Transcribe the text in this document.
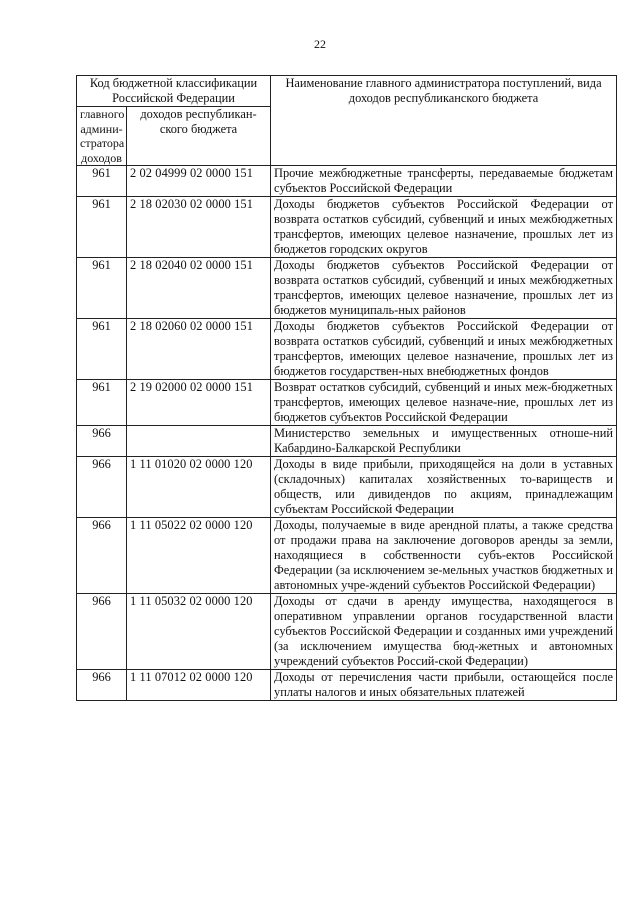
22
Код бюджетной классификации Российской Федерации		Наименование главного администратора поступлений, вида доходов республиканского бюджета
главного админи-стратора доходов	доходов республикан-ского бюджета	
961	2 02 04999 02 0000 151	Прочие межбюджетные трансферты, передаваемые бюджетам субъектов Российской Федерации
961	2 18 02030 02 0000 151	Доходы бюджетов субъектов Российской Федерации от возврата остатков субсидий, субвенций и иных межбюджетных трансфертов, имеющих целевое назначение, прошлых лет из бюджетов городских округов
961	2 18 02040 02 0000 151	Доходы бюджетов субъектов Российской Федерации от возврата остатков субсидий, субвенций и иных межбюджетных трансфертов, имеющих целевое назначение, прошлых лет из бюджетов муниципаль-ных районов
961	2 18 02060 02 0000 151	Доходы бюджетов субъектов Российской Федерации от возврата остатков субсидий, субвенций и иных межбюджетных трансфертов, имеющих целевое назначение, прошлых лет из бюджетов государствен-ных внебюджетных фондов
961	2 19 02000 02 0000 151	Возврат остатков субсидий, субвенций и иных меж-бюджетных трансфертов, имеющих целевое назначе-ние, прошлых лет из бюджетов субъектов Российской Федерации
966		Министерство земельных и имущественных отноше-ний Кабардино-Балкарской Республики
966	1 11 01020 02 0000 120	Доходы в виде прибыли, приходящейся на доли в уставных (складочных) капиталах хозяйственных то-вариществ и обществ, или дивидендов по акциям, принадлежащим субъектам Российской Федерации
966	1 11 05022 02 0000 120	Доходы, получаемые в виде арендной платы, а также средства от продажи права на заключение договоров аренды за земли, находящиеся в собственности субъ-ектов Российской Федерации (за исключением зе-мельных участков бюджетных и автономных учре-ждений субъектов Российской Федерации)
966	1 11 05032 02 0000 120	Доходы от сдачи в аренду имущества, находящегося в оперативном управлении органов государственной власти субъектов Российской Федерации и созданных ими учреждений (за исключением имущества бюд-жетных и автономных учреждений субъектов Россий-ской Федерации)
966	1 11 07012 02 0000 120	Доходы от перечисления части прибыли, остающейся после уплаты налогов и иных обязательных платежей
